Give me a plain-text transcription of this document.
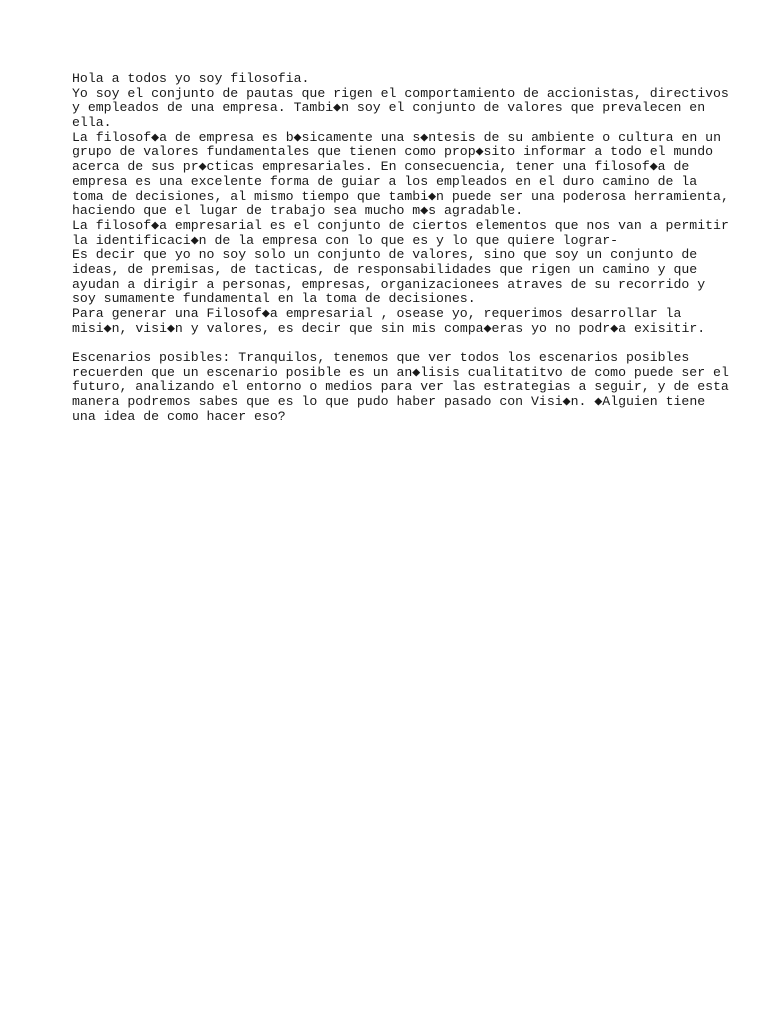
Hola a todos yo soy filosofia.
Yo soy el conjunto de pautas que rigen el comportamiento de accionistas, directivos
y empleados de una empresa. Tambi◆n soy el conjunto de valores que prevalecen en
ella.
La filosof◆a de empresa es b◆sicamente una s◆ntesis de su ambiente o cultura en un
grupo de valores fundamentales que tienen como prop◆sito informar a todo el mundo
acerca de sus pr◆cticas empresariales. En consecuencia, tener una filosof◆a de
empresa es una excelente forma de guiar a los empleados en el duro camino de la
toma de decisiones, al mismo tiempo que tambi◆n puede ser una poderosa herramienta,
haciendo que el lugar de trabajo sea mucho m◆s agradable.
La filosof◆a empresarial es el conjunto de ciertos elementos que nos van a permitir
la identificaci◆n de la empresa con lo que es y lo que quiere lograr-
Es decir que yo no soy solo un conjunto de valores, sino que soy un conjunto de
ideas, de premisas, de tacticas, de responsabilidades que rigen un camino y que
ayudan a dirigir a personas, empresas, organizacionees atraves de su recorrido y
soy sumamente fundamental en la toma de decisiones.
Para generar una Filosof◆a empresarial , osease yo, requerimos desarrollar la
misi◆n, visi◆n y valores, es decir que sin mis compa◆eras yo no podr◆a exisitir.
Escenarios posibles: Tranquilos, tenemos que ver todos los escenarios posibles
recuerden que un escenario posible es un an◆lisis cualitatitvo de como puede ser el
futuro, analizando el entorno o medios para ver las estrategias a seguir, y de esta
manera podremos sabes que es lo que pudo haber pasado con Visi◆n. ◆Alguien tiene
una idea de como hacer eso?
